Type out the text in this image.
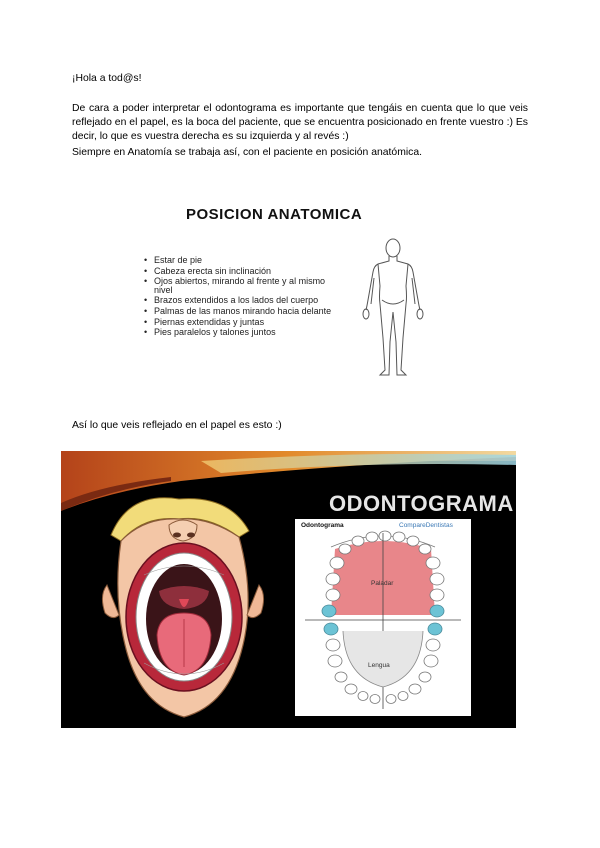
¡Hola a tod@s!

De cara a poder interpretar el odontograma es importante que tengáis en cuenta que lo que veis reflejado en el papel, es la boca del paciente, que se encuentra posicionado en frente vuestro :) Es decir, lo que es vuestra derecha es su izquierda y al revés :)

Siempre en Anatomía se trabaja así, con el paciente en posición anatómica.

POSICION ANATOMICA
• Estar de pie
• Cabeza erecta sin inclinación
• Ojos abiertos, mirando al frente y al mismo nivel
• Brazos extendidos a los lados del cuerpo
• Palmas de las manos mirando hacia delante
• Piernas extendidas y juntas
• Pies paralelos y talones juntos

Así lo que veis reflejado en el papel es esto :)

ODONTOGRAMA
Odontograma	CompareDentistas
Paladar
Lengua
